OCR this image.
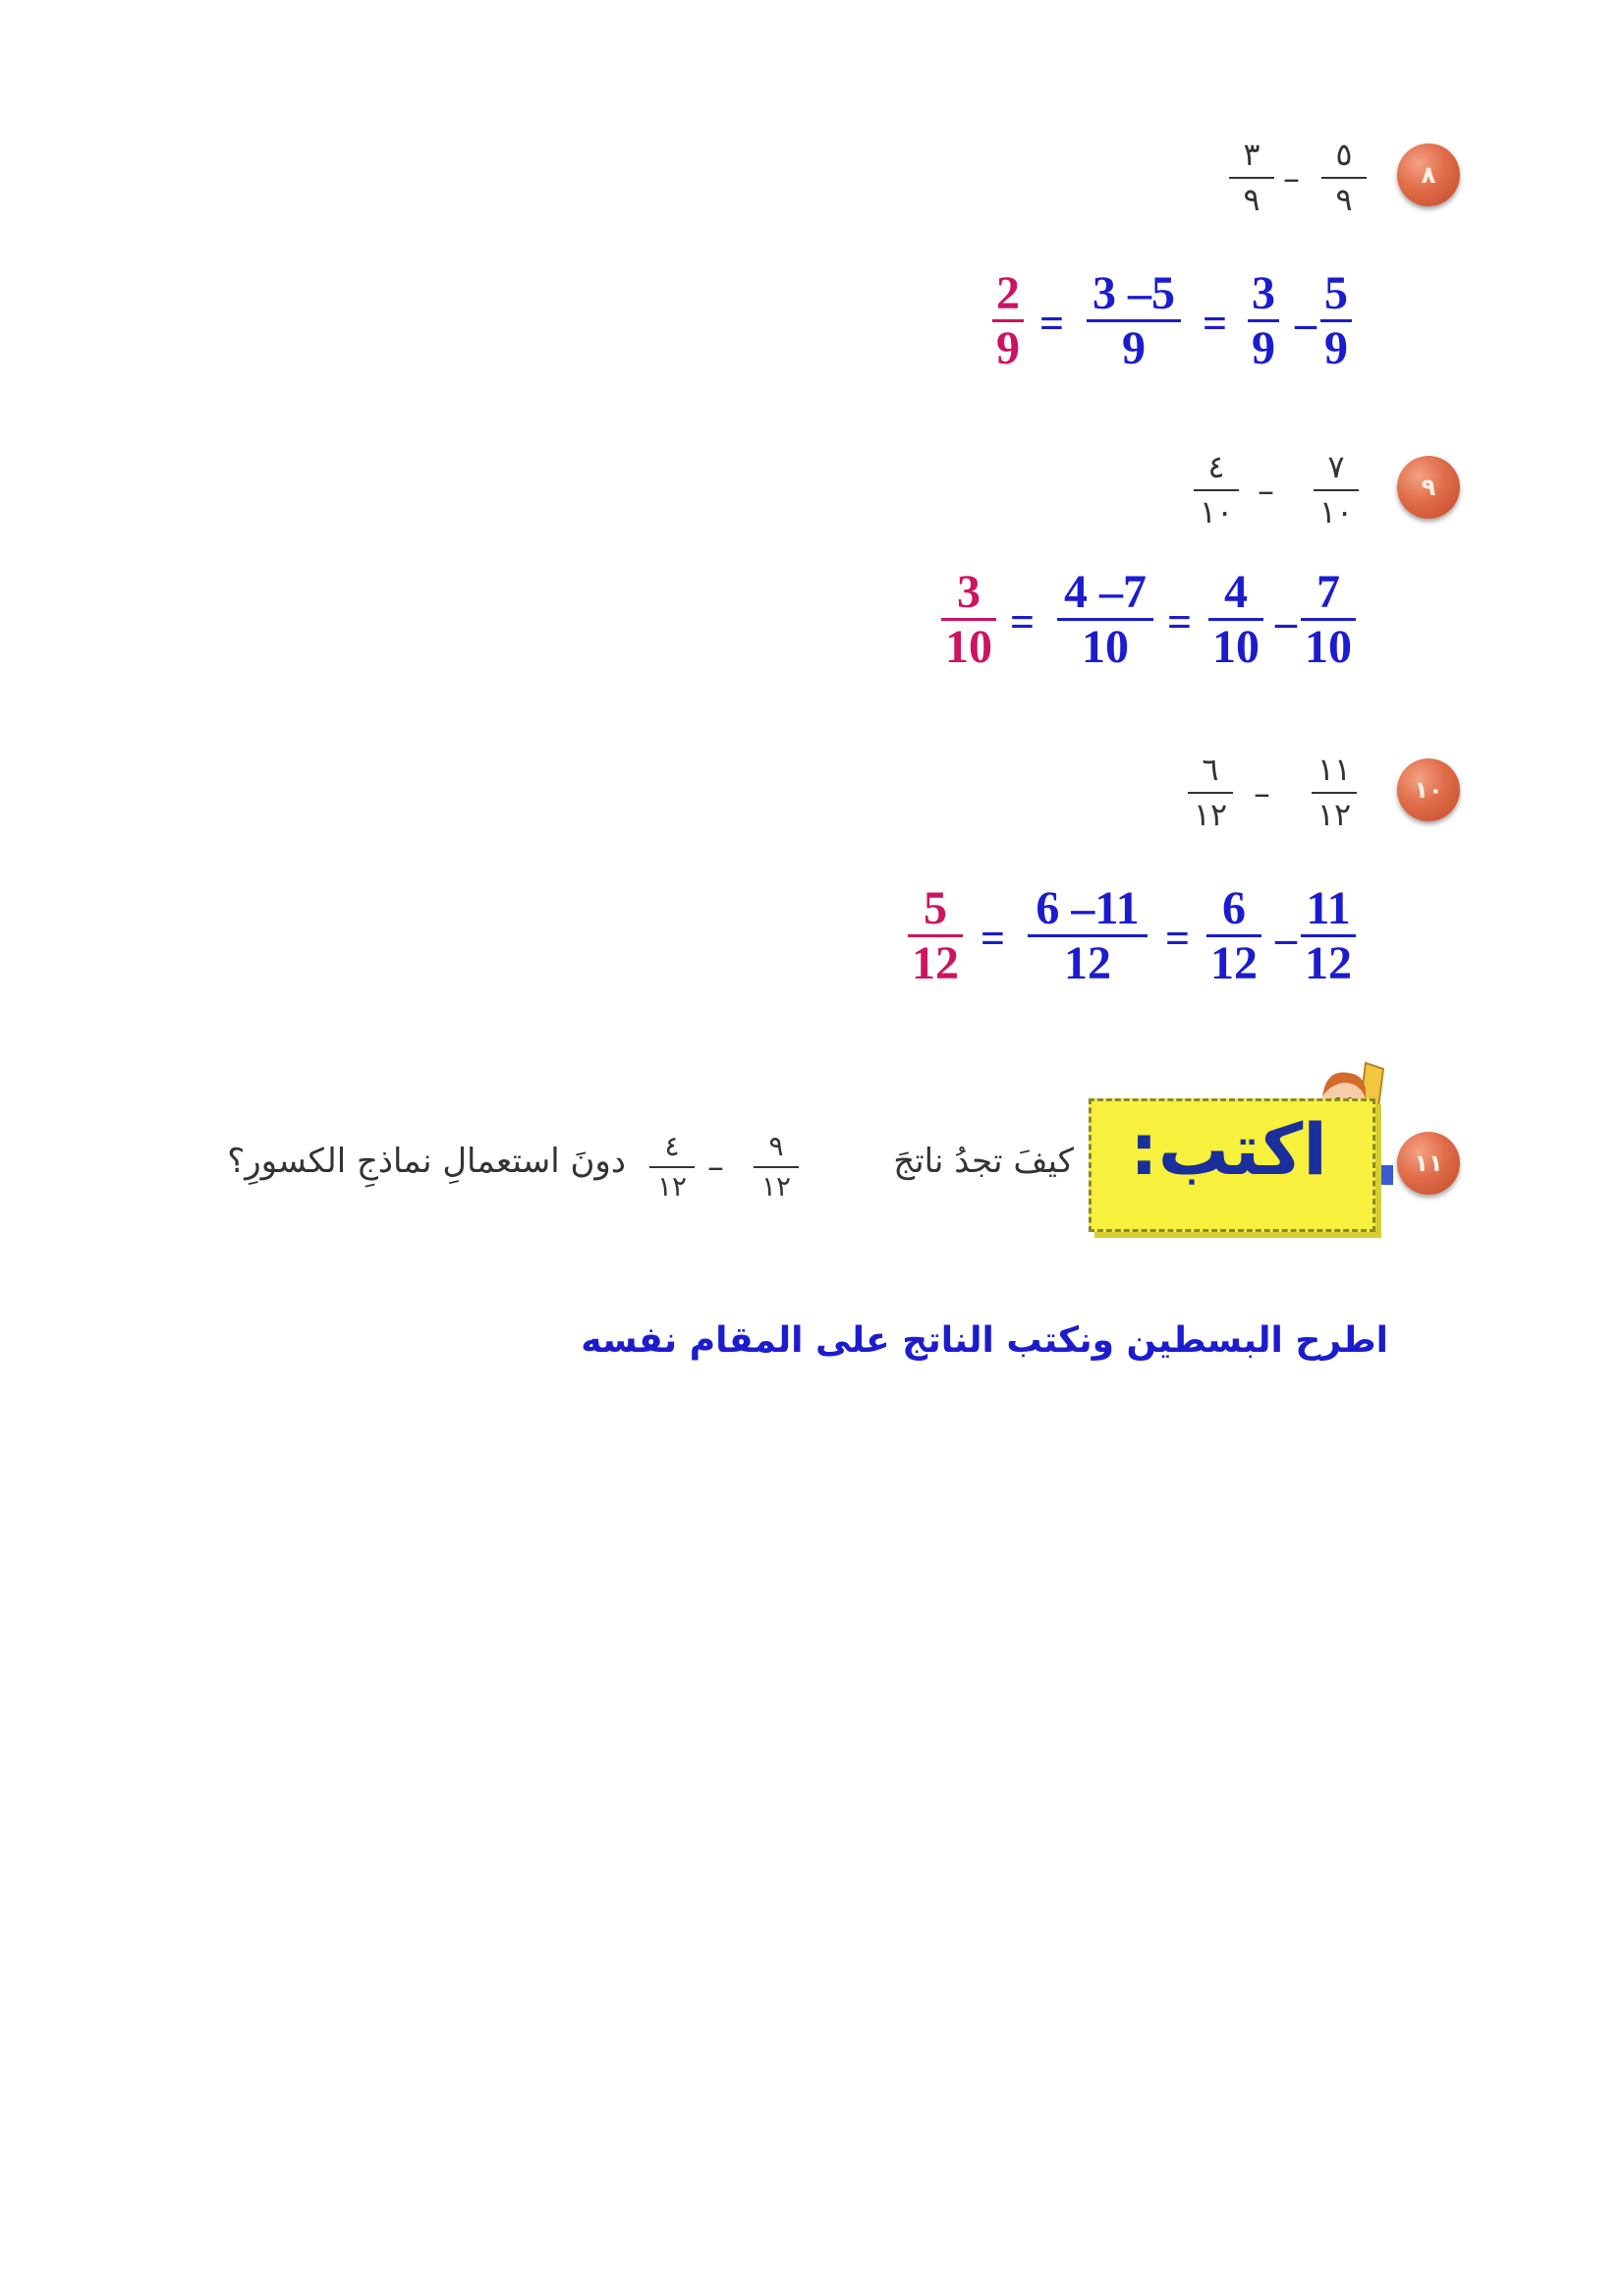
٨
٥
٩
–
٣
٩
5
9
–
3
9
=
3 –5
9
=
2
9
٩
٧
١٠
–
٤
١٠
7
10
–
4
10
=
4 –7
10
=
3
10
١٠
١١
١٢
–
٦
١٢
11
12
–
6
12
=
6 –11
12
=
5
12
١١
اكتب:
كيفَ تجدُ ناتجَ
٩
١٢
–
٤
١٢
دونَ استعمالِ نماذجِ الكسورِ؟
اطرح البسطين ونكتب الناتج على المقام نفسه
